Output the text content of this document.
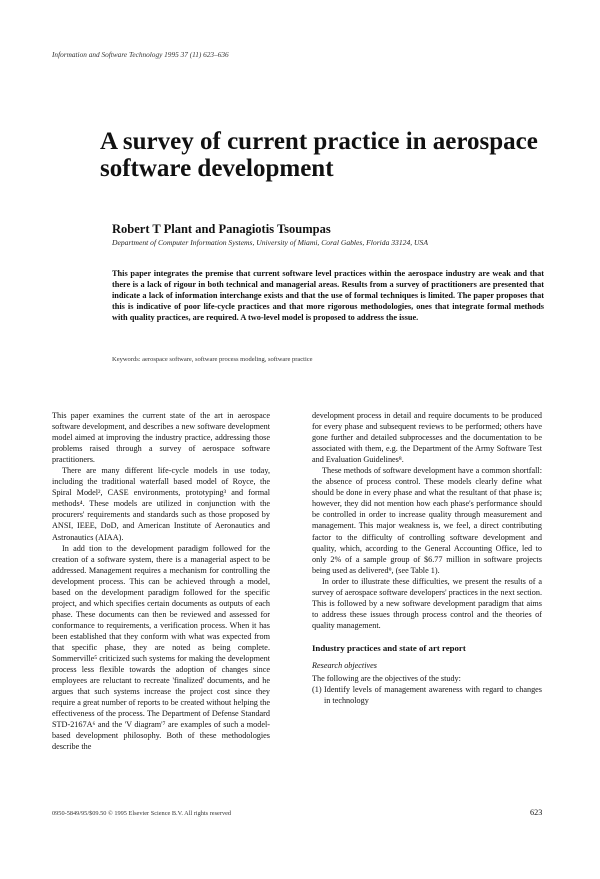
Information and Software Technology 1995 37 (11) 623–636
A survey of current practice in aerospace software development
Robert T Plant and Panagiotis Tsoumpas
Department of Computer Information Systems, University of Miami, Coral Gables, Florida 33124, USA
This paper integrates the premise that current software level practices within the aerospace industry are weak and that there is a lack of rigour in both technical and managerial areas. Results from a survey of practitioners are presented that indicate a lack of information interchange exists and that the use of formal techniques is limited. The paper proposes that this is indicative of poor life-cycle practices and that more rigorous methodologies, ones that integrate formal methods with quality practices, are required. A two-level model is proposed to address the issue.
Keywords: aerospace software, software process modeling, software practice

This paper examines the current state of the art in aerospace software development, and describes a new software development model aimed at improving the industry practice, addressing those problems raised through a survey of aerospace software practitioners.

There are many different life-cycle models in use today, including the traditional waterfall based model of Royce, the Spiral Model², CASE environments, prototyping³ and formal methods⁴. These models are utilized in conjunction with the procurers' requirements and standards such as those proposed by ANSI, IEEE, DoD, and American Institute of Aeronautics and Astronautics (AIAA).

In add tion to the development paradigm followed for the creation of a software system, there is a managerial aspect to be addressed. Management requires a mechanism for controlling the development process. This can be achieved through a model, based on the development paradigm followed for the specific project, and which specifies certain documents as outputs of each phase. These documents can then be reviewed and assessed for conformance to requirements, a verification process. When it has been established that they conform with what was expected from that specific phase, they are noted as being complete. Sommerville⁵ criticized such systems for making the development process less flexible towards the adoption of changes since employees are reluctant to recreate 'finalized' documents, and he argues that such systems increase the project cost since they require a great number of reports to be created without helping the effectiveness of the process. The Department of Defense Standard STD-2167A⁶ and the 'V diagram'⁷ are examples of such a model-based development philosophy. Both of these methodologies describe the

development process in detail and require documents to be produced for every phase and subsequent reviews to be performed; others have gone further and detailed subprocesses and the documentation to be associated with them, e.g. the Department of the Army Software Test and Evaluation Guidelines⁸.

These methods of software development have a common shortfall: the absence of process control. These models clearly define what should be done in every phase and what the resultant of that phase is; however, they did not mention how each phase's performance should be controlled in order to increase quality through measurement and management. This major weakness is, we feel, a direct contributing factor to the difficulty of controlling software development and quality, which, according to the General Accounting Office, led to only 2% of a sample group of $6.77 million in software projects being used as delivered⁹, (see Table 1).

In order to illustrate these difficulties, we present the results of a survey of aerospace software developers' practices in the next section. This is followed by a new software development paradigm that aims to address these issues through process control and the theories of quality management.

Industry practices and state of art report
Research objectives

The following are the objectives of the study:

(1) Identify levels of management awareness with regard to changes in technology
0950-5849/95/$09.50 © 1995 Elsevier Science B.V. All rights reserved	623
